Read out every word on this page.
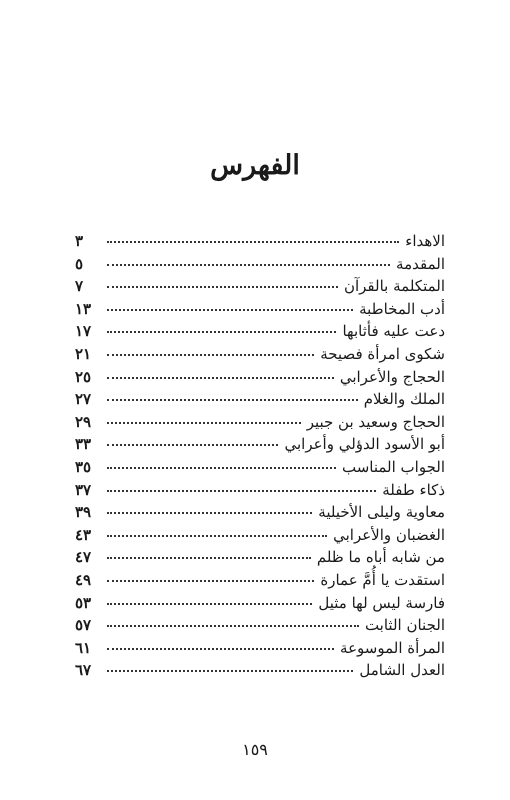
الفهرس
الاهداء
٣
المقدمة
٥
المتكلمة بالقرآن
٧
أدب المخاطبة
١٣
دعت عليه فأثابها
١٧
شكوى امرأة فصيحة
٢١
الحجاج والأعرابي
٢٥
الملك والغلام
٢٧
الحجاج وسعيد بن جبير
٢٩
أبو الأسود الدؤلي وأعرابي
٣٣
الجواب المناسب
٣٥
ذكاء طفلة
٣٧
معاوية وليلى الأخيلية
٣٩
الغضبان والأعرابي
٤٣
من شابه أباه ما ظلم
٤٧
استقدت يا أُمَّ عمارة
٤٩
فارسة ليس لها مثيل
٥٣
الجنان الثابت
٥٧
المرأة الموسوعة
٦١
العدل الشامل
٦٧
١٥٩
